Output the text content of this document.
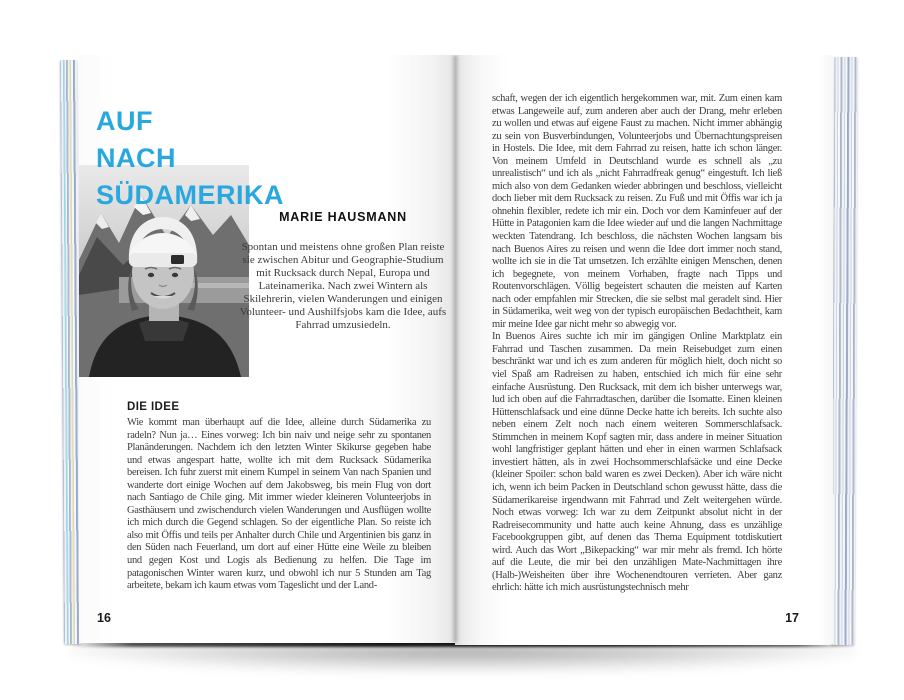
AUF
NACH
SÜDAMERIKA
MARIE HAUSMANN
Spontan und meistens ohne großen Plan reiste sie zwischen Abitur und Geographie-Studium mit Rucksack durch Nepal, Europa und Lateinamerika. Nach zwei Wintern als Skilehrerin, vielen Wanderungen und einigen Volunteer- und Aushilfsjobs kam die Idee, aufs Fahrrad umzusiedeln.
DIE IDEE
Wie kommt man überhaupt auf die Idee, alleine durch Südamerika zu radeln? Nun ja… Eines vorweg: Ich bin naiv und neige sehr zu spontanen Planänderungen. Nachdem ich den letzten Winter Skikurse gegeben habe und etwas angespart hatte, wollte ich mit dem Rucksack Südamerika bereisen. Ich fuhr zuerst mit einem Kumpel in seinem Van nach Spanien und wanderte dort einige Wochen auf dem Jakobsweg, bis mein Flug von dort nach Santiago de Chile ging. Mit immer wieder kleineren Volunteerjobs in Gasthäusern und zwischendurch vielen Wanderungen und Ausflügen wollte ich mich durch die Gegend schlagen. So der eigentliche Plan. So reiste ich also mit Öffis und teils per Anhalter durch Chile und Argentinien bis ganz in den Süden nach Feuerland, um dort auf einer Hütte eine Weile zu bleiben und gegen Kost und Logis als Bedienung zu helfen. Die Tage im patagonischen Winter waren kurz, und obwohl ich nur 5 Stunden am Tag arbeitete, bekam ich kaum etwas vom Tageslicht und der Land-
16

schaft, wegen der ich eigentlich hergekommen war, mit. Zum einen kam etwas Langeweile auf, zum anderen aber auch der Drang, mehr erleben zu wollen und etwas auf eigene Faust zu machen. Nicht immer abhängig zu sein von Busverbindungen, Volunteerjobs und Übernachtungspreisen in Hostels. Die Idee, mit dem Fahrrad zu reisen, hatte ich schon länger. Von meinem Umfeld in Deutschland wurde es schnell als „zu unrealistisch“ und ich als „nicht Fahrradfreak genug“ eingestuft. Ich ließ mich also von dem Gedanken wieder abbringen und beschloss, vielleicht doch lieber mit dem Rucksack zu reisen. Zu Fuß und mit Öffis war ich ja ohnehin flexibler, redete ich mir ein. Doch vor dem Kaminfeuer auf der Hütte in Patagonien kam die Idee wieder auf und die langen Nachmittage weckten Tatendrang. Ich beschloss, die nächsten Wochen langsam bis nach Buenos Aires zu reisen und wenn die Idee dort immer noch stand, wollte ich sie in die Tat umsetzen. Ich erzählte einigen Menschen, denen ich begegnete, von meinem Vorhaben, fragte nach Tipps und Routenvorschlägen. Völlig begeistert schauten die meisten auf Karten nach oder empfahlen mir Strecken, die sie selbst mal geradelt sind. Hier in Südamerika, weit weg von der typisch europäischen Bedachtheit, kam mir meine Idee gar nicht mehr so abwegig vor.

In Buenos Aires suchte ich mir im gängigen Online Marktplatz ein Fahrrad und Taschen zusammen. Da mein Reisebudget zum einen beschränkt war und ich es zum anderen für möglich hielt, doch nicht so viel Spaß am Radreisen zu haben, entschied ich mich für eine sehr einfache Ausrüstung. Den Rucksack, mit dem ich bisher unterwegs war, lud ich oben auf die Fahrradtaschen, darüber die Isomatte. Einen kleinen Hüttenschlafsack und eine dünne Decke hatte ich bereits. Ich suchte also neben einem Zelt noch nach einem weiteren Sommerschlafsack. Stimmchen in meinem Kopf sagten mir, dass andere in meiner Situation wohl langfristiger geplant hätten und eher in einen warmen Schlafsack investiert hätten, als in zwei Hochsommerschlafsäcke und eine Decke (kleiner Spoiler: schon bald waren es zwei Decken). Aber ich wäre nicht ich, wenn ich beim Packen in Deutschland schon gewusst hätte, dass die Südamerikareise irgendwann mit Fahrrad und Zelt weitergehen würde. Noch etwas vorweg: Ich war zu dem Zeitpunkt absolut nicht in der Radreisecommunity und hatte auch keine Ahnung, dass es unzählige Facebookgruppen gibt, auf denen das Thema Equipment totdiskutiert wird. Auch das Wort „Bikepacking“ war mir mehr als fremd. Ich hörte auf die Leute, die mir bei den unzähligen Mate-Nachmittagen ihre (Halb-)Weisheiten über ihre Wochenendtouren verrieten. Aber ganz ehrlich: hätte ich mich ausrüstungstechnisch mehr

17
